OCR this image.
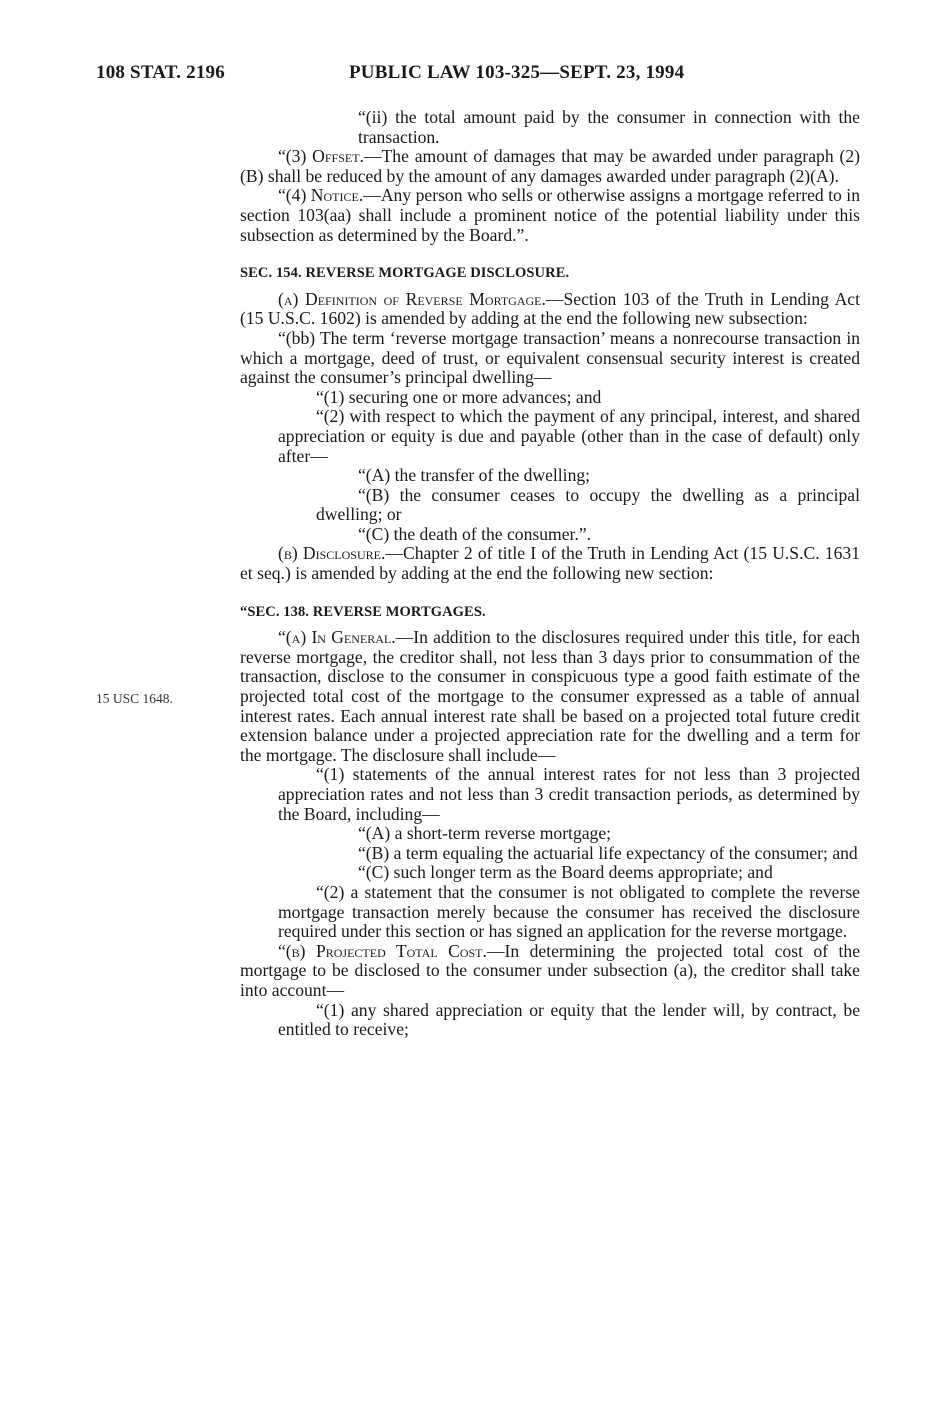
108 STAT. 2196	PUBLIC LAW 103-325—SEPT. 23, 1994
15 USC 1648.

“(ii) the total amount paid by the consumer in connection with the transaction.

“(3) Offset.—The amount of damages that may be awarded under paragraph (2)(B) shall be reduced by the amount of any damages awarded under paragraph (2)(A).

“(4) Notice.—Any person who sells or otherwise assigns a mortgage referred to in section 103(aa) shall include a prominent notice of the potential liability under this subsection as determined by the Board.”.

SEC. 154. REVERSE MORTGAGE DISCLOSURE.

(a) Definition of Reverse Mortgage.—Section 103 of the Truth in Lending Act (15 U.S.C. 1602) is amended by adding at the end the following new subsection:

“(bb) The term ‘reverse mortgage transaction’ means a nonrecourse transaction in which a mortgage, deed of trust, or equivalent consensual security interest is created against the consumer’s principal dwelling—

“(1) securing one or more advances; and

“(2) with respect to which the payment of any principal, interest, and shared appreciation or equity is due and payable (other than in the case of default) only after—

“(A) the transfer of the dwelling;

“(B) the consumer ceases to occupy the dwelling as a principal dwelling; or

“(C) the death of the consumer.”.

(b) Disclosure.—Chapter 2 of title I of the Truth in Lending Act (15 U.S.C. 1631 et seq.) is amended by adding at the end the following new section:

“SEC. 138. REVERSE MORTGAGES.

“(a) In General.—In addition to the disclosures required under this title, for each reverse mortgage, the creditor shall, not less than 3 days prior to consummation of the transaction, disclose to the consumer in conspicuous type a good faith estimate of the projected total cost of the mortgage to the consumer expressed as a table of annual interest rates. Each annual interest rate shall be based on a projected total future credit extension balance under a projected appreciation rate for the dwelling and a term for the mortgage. The disclosure shall include—

“(1) statements of the annual interest rates for not less than 3 projected appreciation rates and not less than 3 credit transaction periods, as determined by the Board, including—

“(A) a short-term reverse mortgage;

“(B) a term equaling the actuarial life expectancy of the consumer; and

“(C) such longer term as the Board deems appropriate; and

“(2) a statement that the consumer is not obligated to complete the reverse mortgage transaction merely because the consumer has received the disclosure required under this section or has signed an application for the reverse mortgage.

“(b) Projected Total Cost.—In determining the projected total cost of the mortgage to be disclosed to the consumer under subsection (a), the creditor shall take into account—

“(1) any shared appreciation or equity that the lender will, by contract, be entitled to receive;
